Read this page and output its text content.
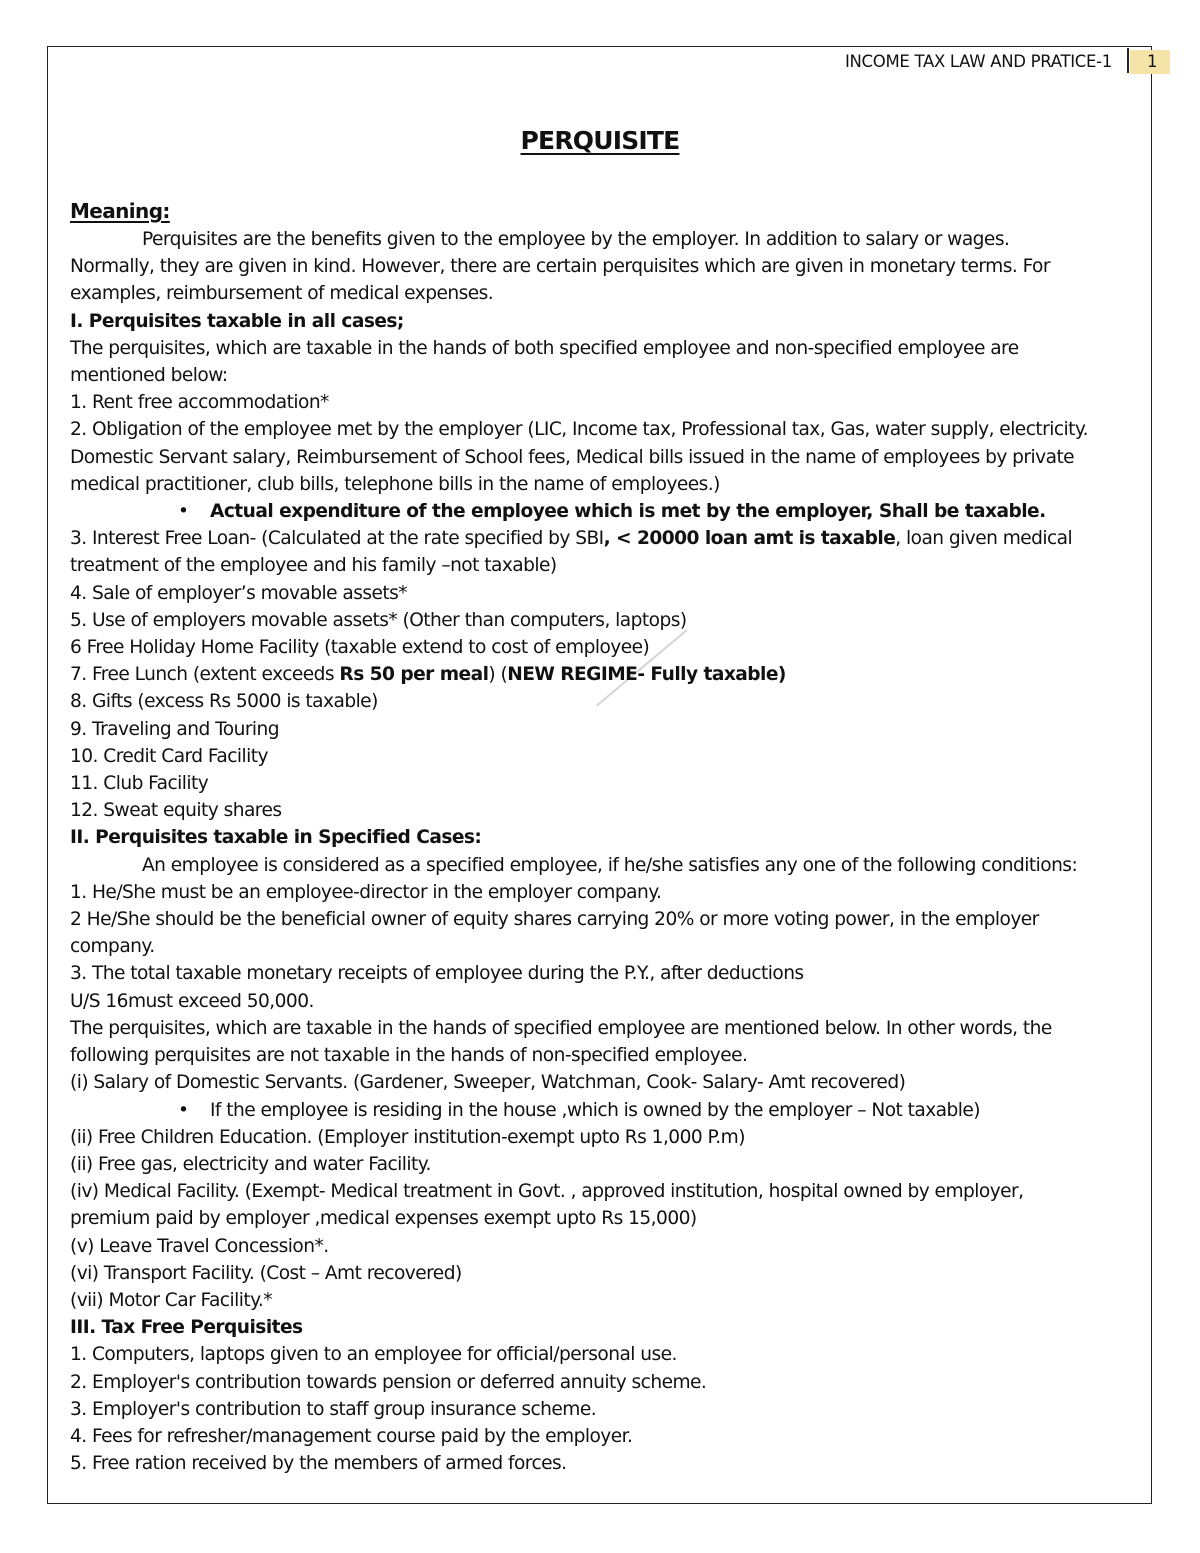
INCOME TAX LAW AND PRATICE-1	1
PERQUISITE

Meaning:

Perquisites are the benefits given to the employee by the employer. In addition to salary or wages.

Normally, they are given in kind. However, there are certain perquisites which are given in monetary terms. For

examples, reimbursement of medical expenses.

I. Perquisites taxable in all cases;

The perquisites, which are taxable in the hands of both specified employee and non-specified employee are

mentioned below:

1. Rent free accommodation*

2. Obligation of the employee met by the employer (LIC, Income tax, Professional tax, Gas, water supply, electricity.

Domestic Servant salary, Reimbursement of School fees, Medical bills issued in the name of employees by private

medical practitioner, club bills, telephone bills in the name of employees.)

• Actual expenditure of the employee which is met by the employer, Shall be taxable.

3. Interest Free Loan- (Calculated at the rate specified by SBI, < 20000 loan amt is taxable, loan given medical

treatment of the employee and his family –not taxable)

4. Sale of employer’s movable assets*

5. Use of employers movable assets* (Other than computers, laptops)

6 Free Holiday Home Facility (taxable extend to cost of employee)

7. Free Lunch (extent exceeds Rs 50 per meal) (NEW REGIME- Fully taxable)

8. Gifts (excess Rs 5000 is taxable)

9. Traveling and Touring

10. Credit Card Facility

11. Club Facility

12. Sweat equity shares

II. Perquisites taxable in Specified Cases:

An employee is considered as a specified employee, if he/she satisfies any one of the following conditions:

1. He/She must be an employee-director in the employer company.

2 He/She should be the beneficial owner of equity shares carrying 20% or more voting power, in the employer

company.

3. The total taxable monetary receipts of employee during the P.Y., after deductions

U/S 16must exceed 50,000.

The perquisites, which are taxable in the hands of specified employee are mentioned below. In other words, the

following perquisites are not taxable in the hands of non-specified employee.

(i) Salary of Domestic Servants. (Gardener, Sweeper, Watchman, Cook- Salary- Amt recovered)

• If the employee is residing in the house ,which is owned by the employer – Not taxable)

(ii) Free Children Education. (Employer institution-exempt upto Rs 1,000 P.m)

(ii) Free gas, electricity and water Facility.

(iv) Medical Facility. (Exempt- Medical treatment in Govt. , approved institution, hospital owned by employer,

premium paid by employer ,medical expenses exempt upto Rs 15,000)

(v) Leave Travel Concession*.

(vi) Transport Facility. (Cost – Amt recovered)

(vii) Motor Car Facility.*

III. Tax Free Perquisites

1. Computers, laptops given to an employee for official/personal use.

2. Employer's contribution towards pension or deferred annuity scheme.

3. Employer's contribution to staff group insurance scheme.

4. Fees for refresher/management course paid by the employer.

5. Free ration received by the members of armed forces.
